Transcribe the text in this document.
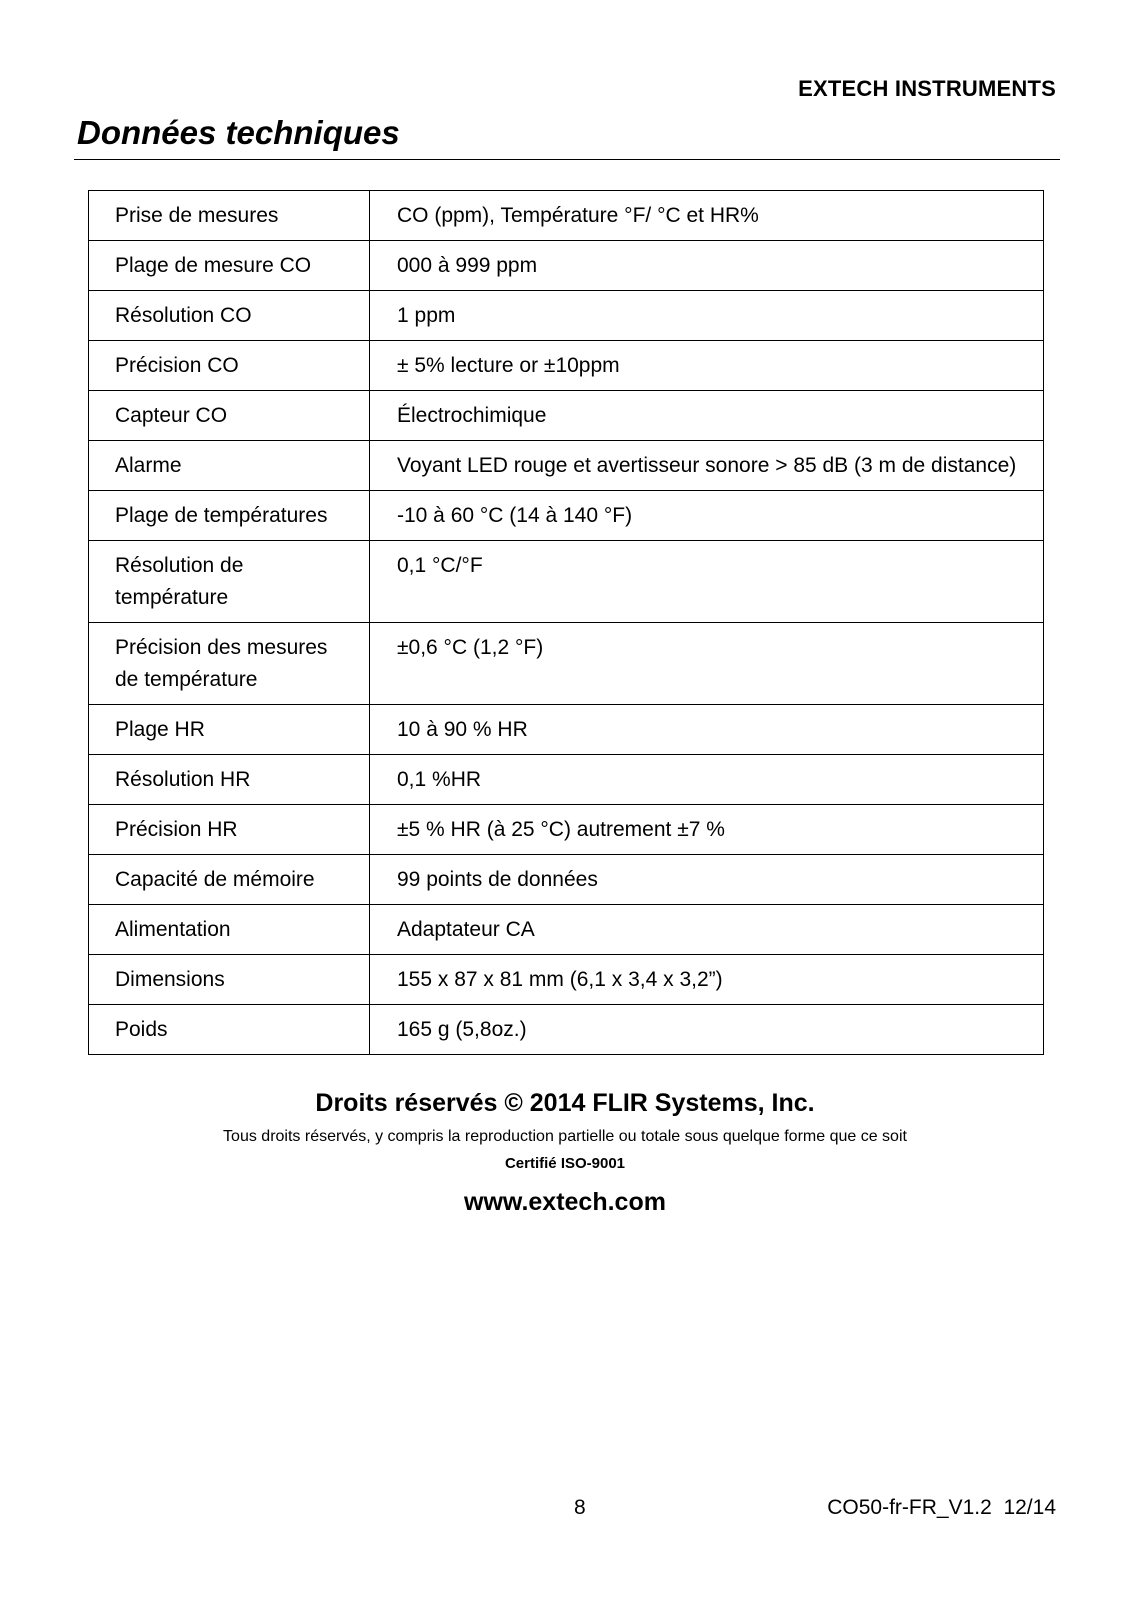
EXTECH INSTRUMENTS
Données techniques
Prise de mesures	CO (ppm), Température °F/ °C et HR%
Plage de mesure CO	000 à 999 ppm
Résolution CO	1 ppm
Précision CO	± 5% lecture or ±10ppm
Capteur CO	Électrochimique
Alarme	Voyant LED rouge et avertisseur sonore > 85 dB (3 m de distance)
Plage de températures	-10 à 60 °C (14 à 140 °F)
Résolution de température	0,1 °C/°F
Précision des mesures de température	±0,6 °C (1,2 °F)
Plage HR	10 à 90 % HR
Résolution HR	0,1 %HR
Précision HR	±5 % HR (à 25 °C) autrement ±7 %
Capacité de mémoire	99 points de données
Alimentation	Adaptateur CA
Dimensions	155 x 87 x 81 mm (6,1 x 3,4 x 3,2”)
Poids	165 g (5,8oz.)

Droits réservés © 2014 FLIR Systems, Inc.

Tous droits réservés, y compris la reproduction partielle ou totale sous quelque forme que ce soit

Certifié ISO-9001

www.extech.com

8	CO50-fr-FR_V1.2  12/14
